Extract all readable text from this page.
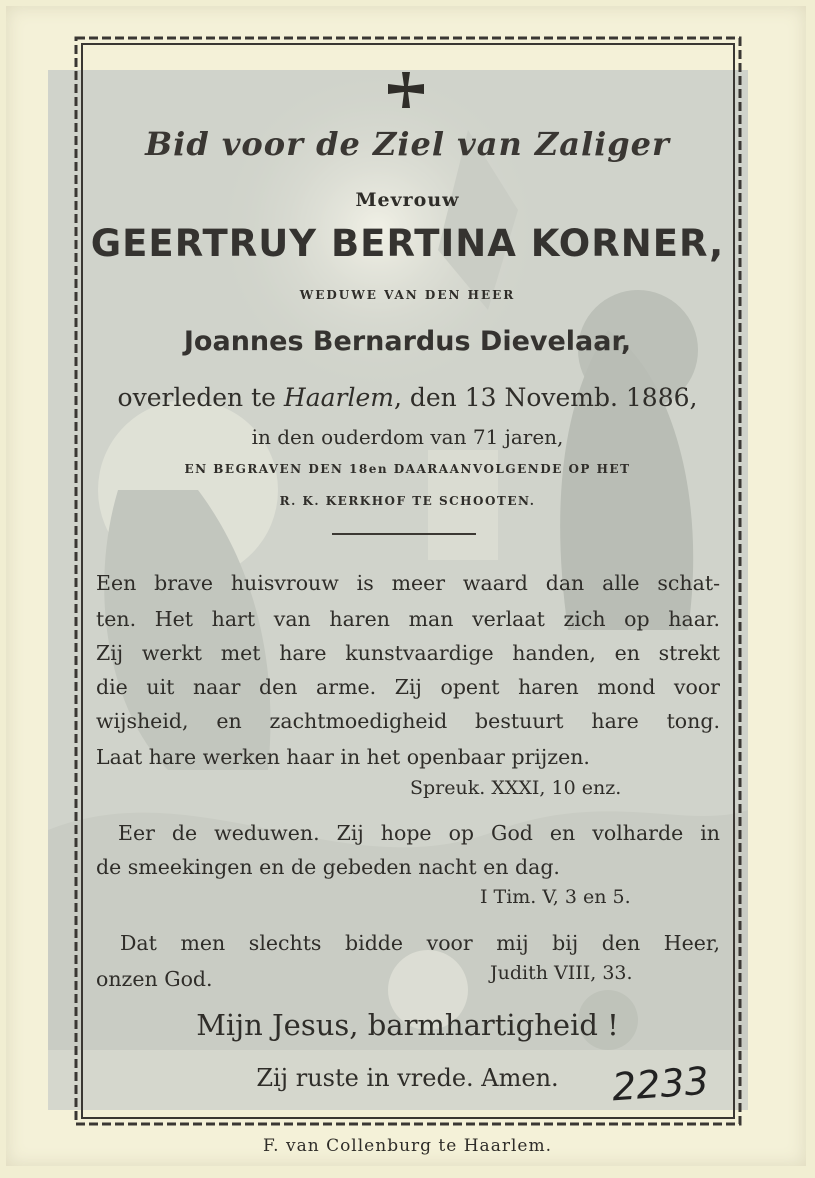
Bid voor de Ziel van Zaliger
Mevrouw
GEERTRUY BERTINA KORNER,
WEDUWE VAN DEN HEER
Joannes Bernardus Dievelaar,
overleden te Haarlem, den 13 Novemb. 1886,
in den ouderdom van 71 jaren,
EN BEGRAVEN DEN 18en DAARAANVOLGENDE OP HET
R. K. KERKHOF TE SCHOOTEN.
Een brave huisvrouw is meer waard dan alle schat-
ten. Het hart van haren man verlaat zich op haar.
Zij werkt met hare kunstvaardige handen, en strekt
die uit naar den arme. Zij opent haren mond voor
wijsheid, en zachtmoedigheid bestuurt hare tong.
Laat hare werken haar in het openbaar prijzen.
Spreuk. XXXI, 10 enz.
Eer de weduwen. Zij hope op God en volharde in
de smeekingen en de gebeden nacht en dag.
I Tim. V, 3 en 5.
Dat men slechts bidde voor mij bij den Heer,
onzen God.	Judith VIII, 33.
Mijn Jesus, barmhartigheid !
Zij ruste in vrede. Amen.	2233
F. van Collenburg te Haarlem.
